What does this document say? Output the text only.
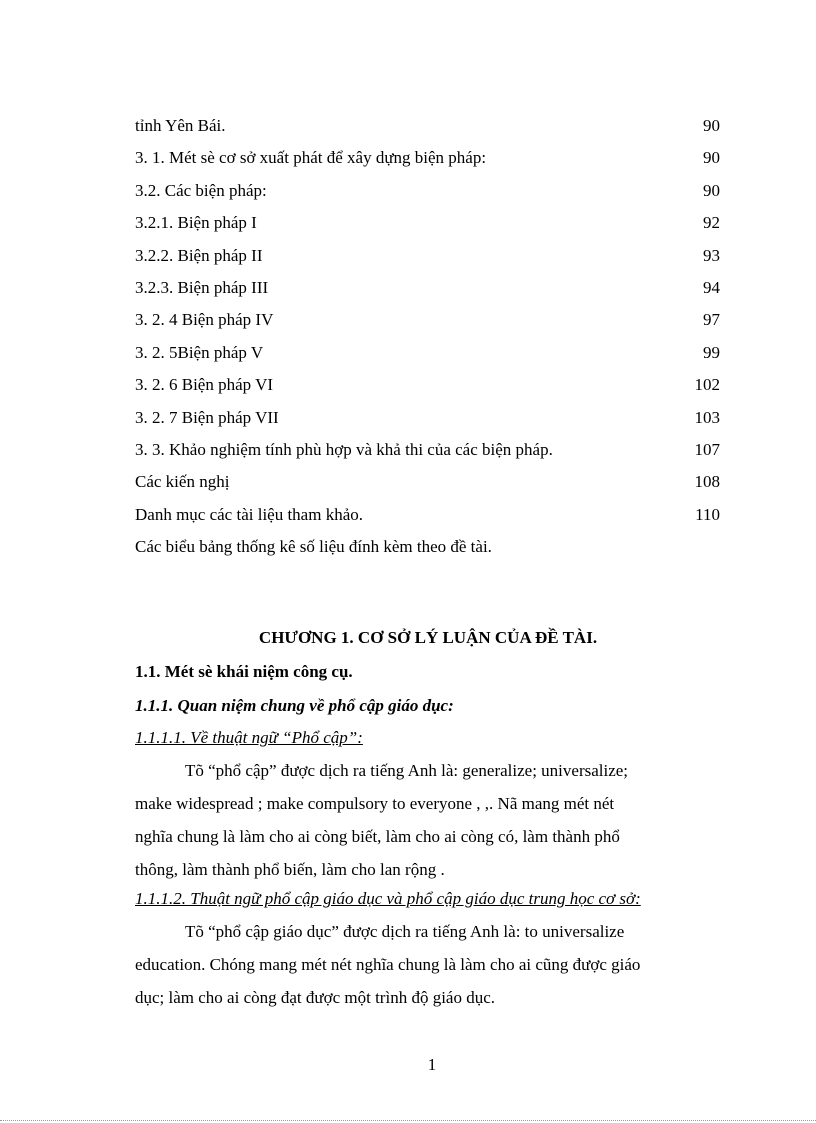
tỉnh Yên Bái.	90
3. 1. Mét sè cơ sở xuất phát để xây dựng biện pháp:	90
3.2. Các biện pháp:	90
3.2.1. Biện pháp I	92
3.2.2. Biện pháp II	93
3.2.3. Biện pháp III	94
3. 2. 4 Biện pháp IV	97
3. 2. 5Biện pháp V	99
3. 2. 6 Biện pháp VI	102
3. 2. 7 Biện pháp VII	103
3. 3. Khảo nghiệm tính phù hợp và khả thi của các biện pháp.	107
Các kiến nghị	108
Danh mục các tài liệu tham khảo.	110
Các biểu bảng thống kê số liệu đính kèm theo đề tài.
CHƯƠNG 1. CƠ SỞ LÝ LUẬN CỦA ĐỀ TÀI.
1.1. Mét sè khái niệm công cụ.
1.1.1. Quan niệm chung về phổ cập giáo dục:
1.1.1.1. Về thuật ngữ “Phổ cập”:
Tõ “phổ cập” được dịch ra tiếng Anh là: generalize; universalize;
make widespread ; make compulsory to everyone , ,. Nã mang mét nét
nghĩa chung là làm cho ai còng biết, làm cho ai còng có, làm thành phổ
thông, làm thành phổ biến, làm cho lan rộng .
1.1.1.2. Thuật ngữ phổ cập giáo dục và phổ cập giáo dục trung học cơ sở:
Tõ “phổ cập giáo dục” được dịch ra tiếng Anh là: to universalize
education. Chóng mang mét nét nghĩa chung là làm cho ai cũng được giáo
dục; làm cho ai còng đạt được một trình độ giáo dục.
1
